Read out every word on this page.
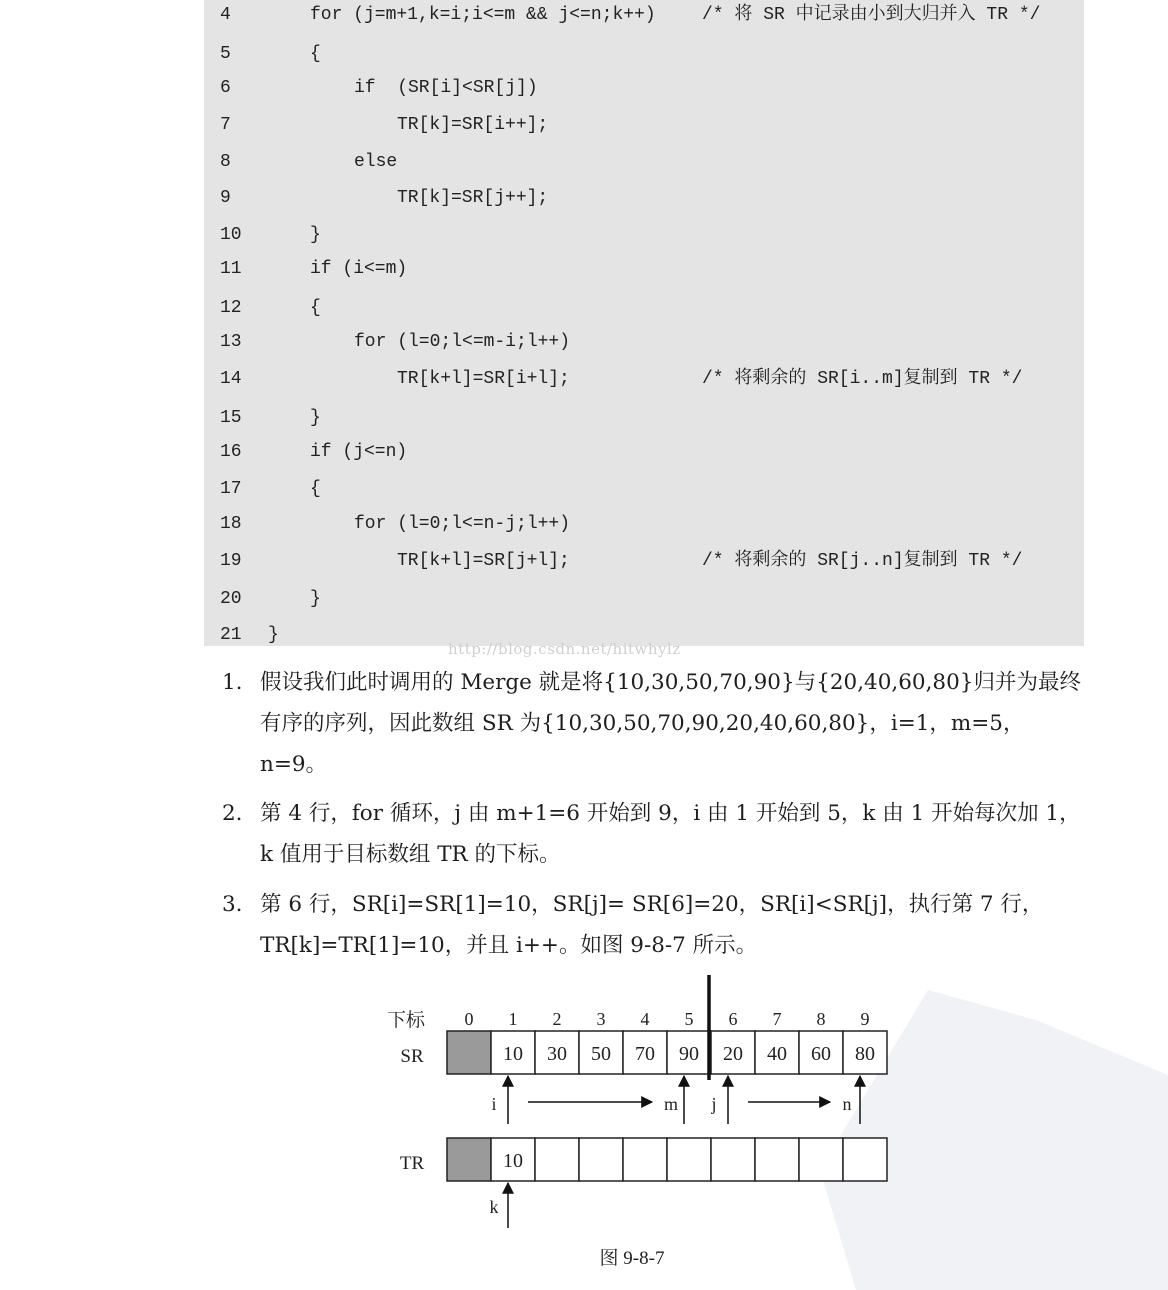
4	for (j=m+1,k=i;i<=m && j<=n;k++)	/* 将 SR 中记录由小到大归并入 TR */
5	{
6	if  (SR[i]<SR[j])
7	TR[k]=SR[i++];
8	else
9	TR[k]=SR[j++];
10	}
11	if (i<=m)
12	{
13	for (l=0;l<=m-i;l++)
14	TR[k+l]=SR[i+l];	/* 将剩余的 SR[i..m]复制到 TR */
15	}
16	if (j<=n)
17	{
18	for (l=0;l<=n-j;l++)
19	TR[k+l]=SR[j+l];	/* 将剩余的 SR[j..n]复制到 TR */
20	}
21	}
http://blog.csdn.net/hitwhylz
1. 假设我们此时调用的 Merge 就是将{10,30,50,70,90}与{20,40,60,80}归并为最终有序的序列，因此数组 SR 为{10,30,50,70,90,20,40,60,80}，i=1，m=5，n=9。
2. 第 4 行，for 循环，j 由 m+1=6 开始到 9，i 由 1 开始到 5，k 由 1 开始每次加 1，k 值用于目标数组 TR 的下标。
3. 第 6 行，SR[i]=SR[1]=10，SR[j]= SR[6]=20，SR[i]<SR[j]，执行第 7 行，TR[k]=TR[1]=10，并且 i++。如图 9-8-7 所示。
下标
SR
TR
0 1 2 3 4 5 6 7 8 9
10 30 50 70 90 20 40 60 80
10
i	m j	n
k
图 9-8-7
